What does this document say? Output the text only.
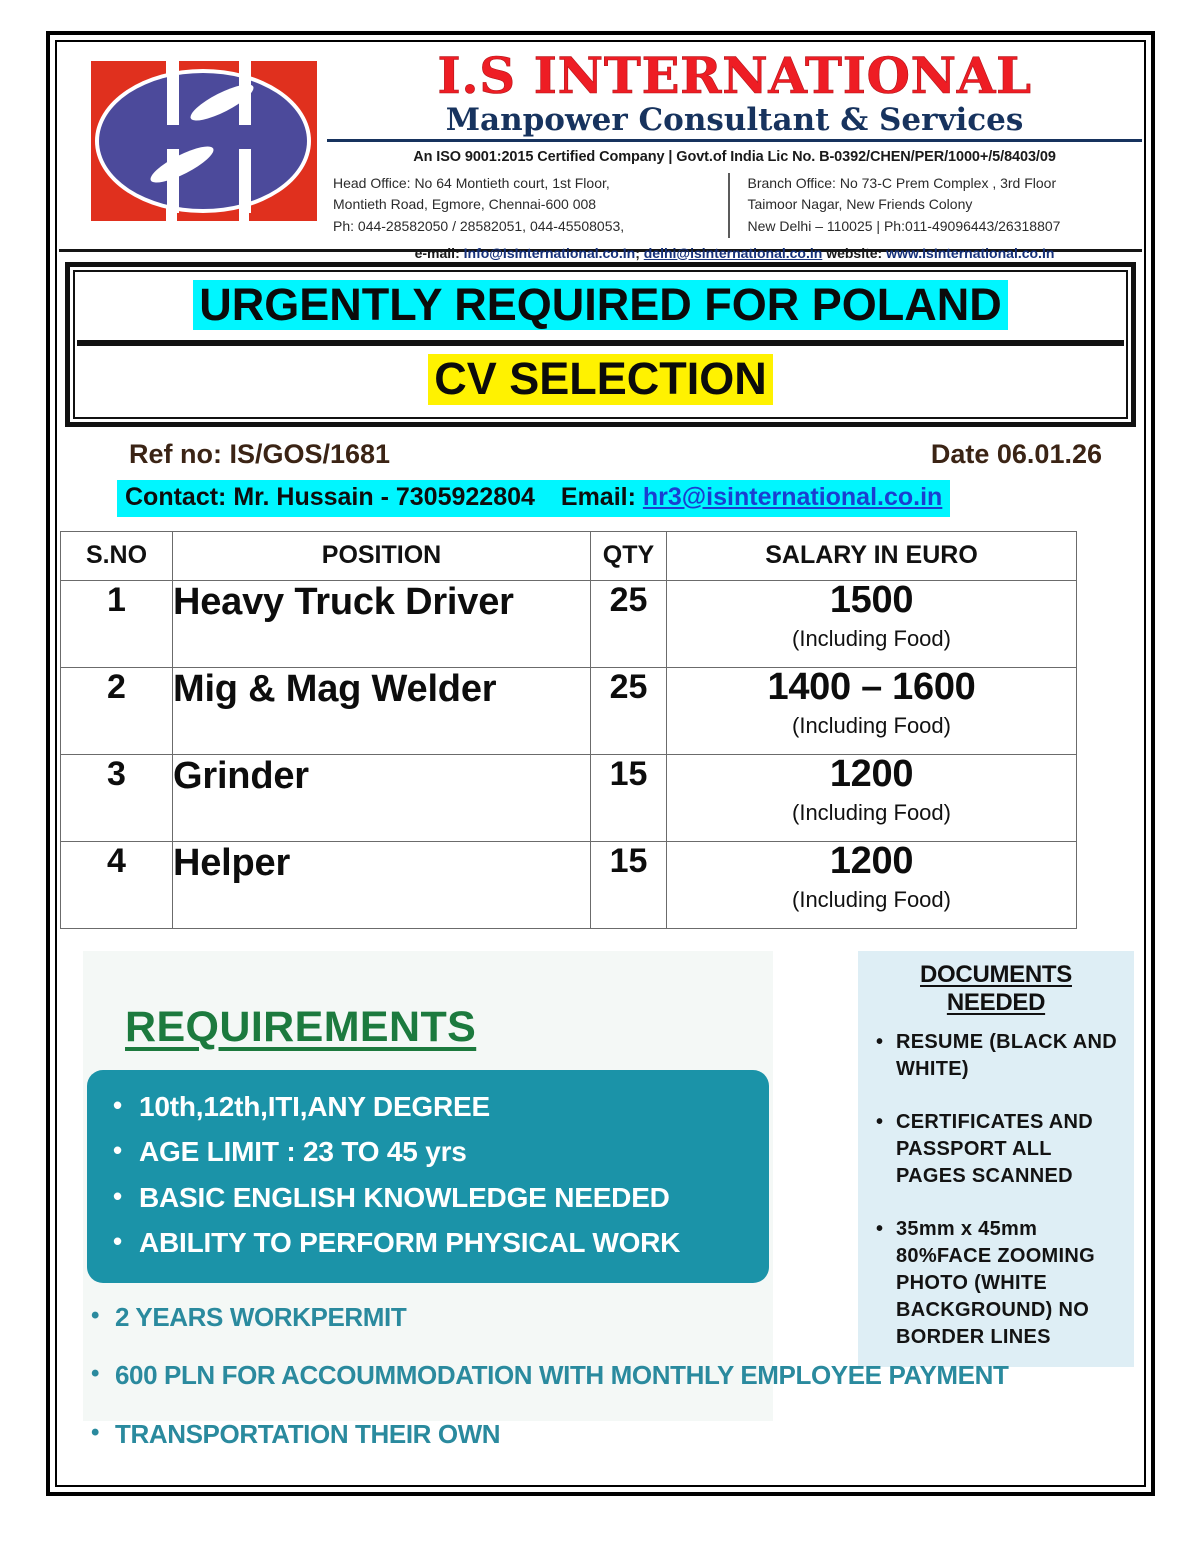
I.S INTERNATIONAL
Manpower Consultant & Services
An ISO 9001:2015 Certified Company | Govt.of India Lic No. B-0392/CHEN/PER/1000+/5/8403/09
Head Office: No 64 Montieth court, 1st Floor,
Montieth Road, Egmore, Chennai-600 008
Ph: 044-28582050 / 28582051, 044-45508053,
Branch Office: No 73-C Prem Complex , 3rd Floor
Taimoor Nagar, New Friends Colony
New Delhi – 110025 | Ph:011-49096443/26318807
e-mail: Info@IsInternational.co.In; delhi@isinternational.co.in website: www.IsInternational.co.In
URGENTLY REQUIRED FOR POLAND
CV SELECTION
Ref no: IS/GOS/1681	Date 06.01.26
Contact: Mr. Hussain - 7305922804 Email: hr3@isinternational.co.in
S.NO	POSITION	QTY	SALARY IN EURO
1	Heavy Truck Driver	25	1500
(Including Food)

2	Mig & Mag Welder	25	1400 – 1600
(Including Food)

3	Grinder	15	1200
(Including Food)

4	Helper	15	1200
(Including Food)
REQUIREMENTS
• 10th,12th,ITI,ANY DEGREE
• AGE LIMIT : 23 TO 45 yrs
• BASIC ENGLISH KNOWLEDGE NEEDED
• ABILITY TO PERFORM PHYSICAL WORK
DOCUMENTS NEEDED
• RESUME (BLACK AND WHITE)
• CERTIFICATES AND PASSPORT ALL PAGES SCANNED
• 35mm x 45mm 80%FACE ZOOMING PHOTO (WHITE BACKGROUND) NO BORDER LINES
• 2 YEARS WORKPERMIT
• 600 PLN FOR ACCOUMMODATION WITH MONTHLY EMPLOYEE PAYMENT
• TRANSPORTATION THEIR OWN
